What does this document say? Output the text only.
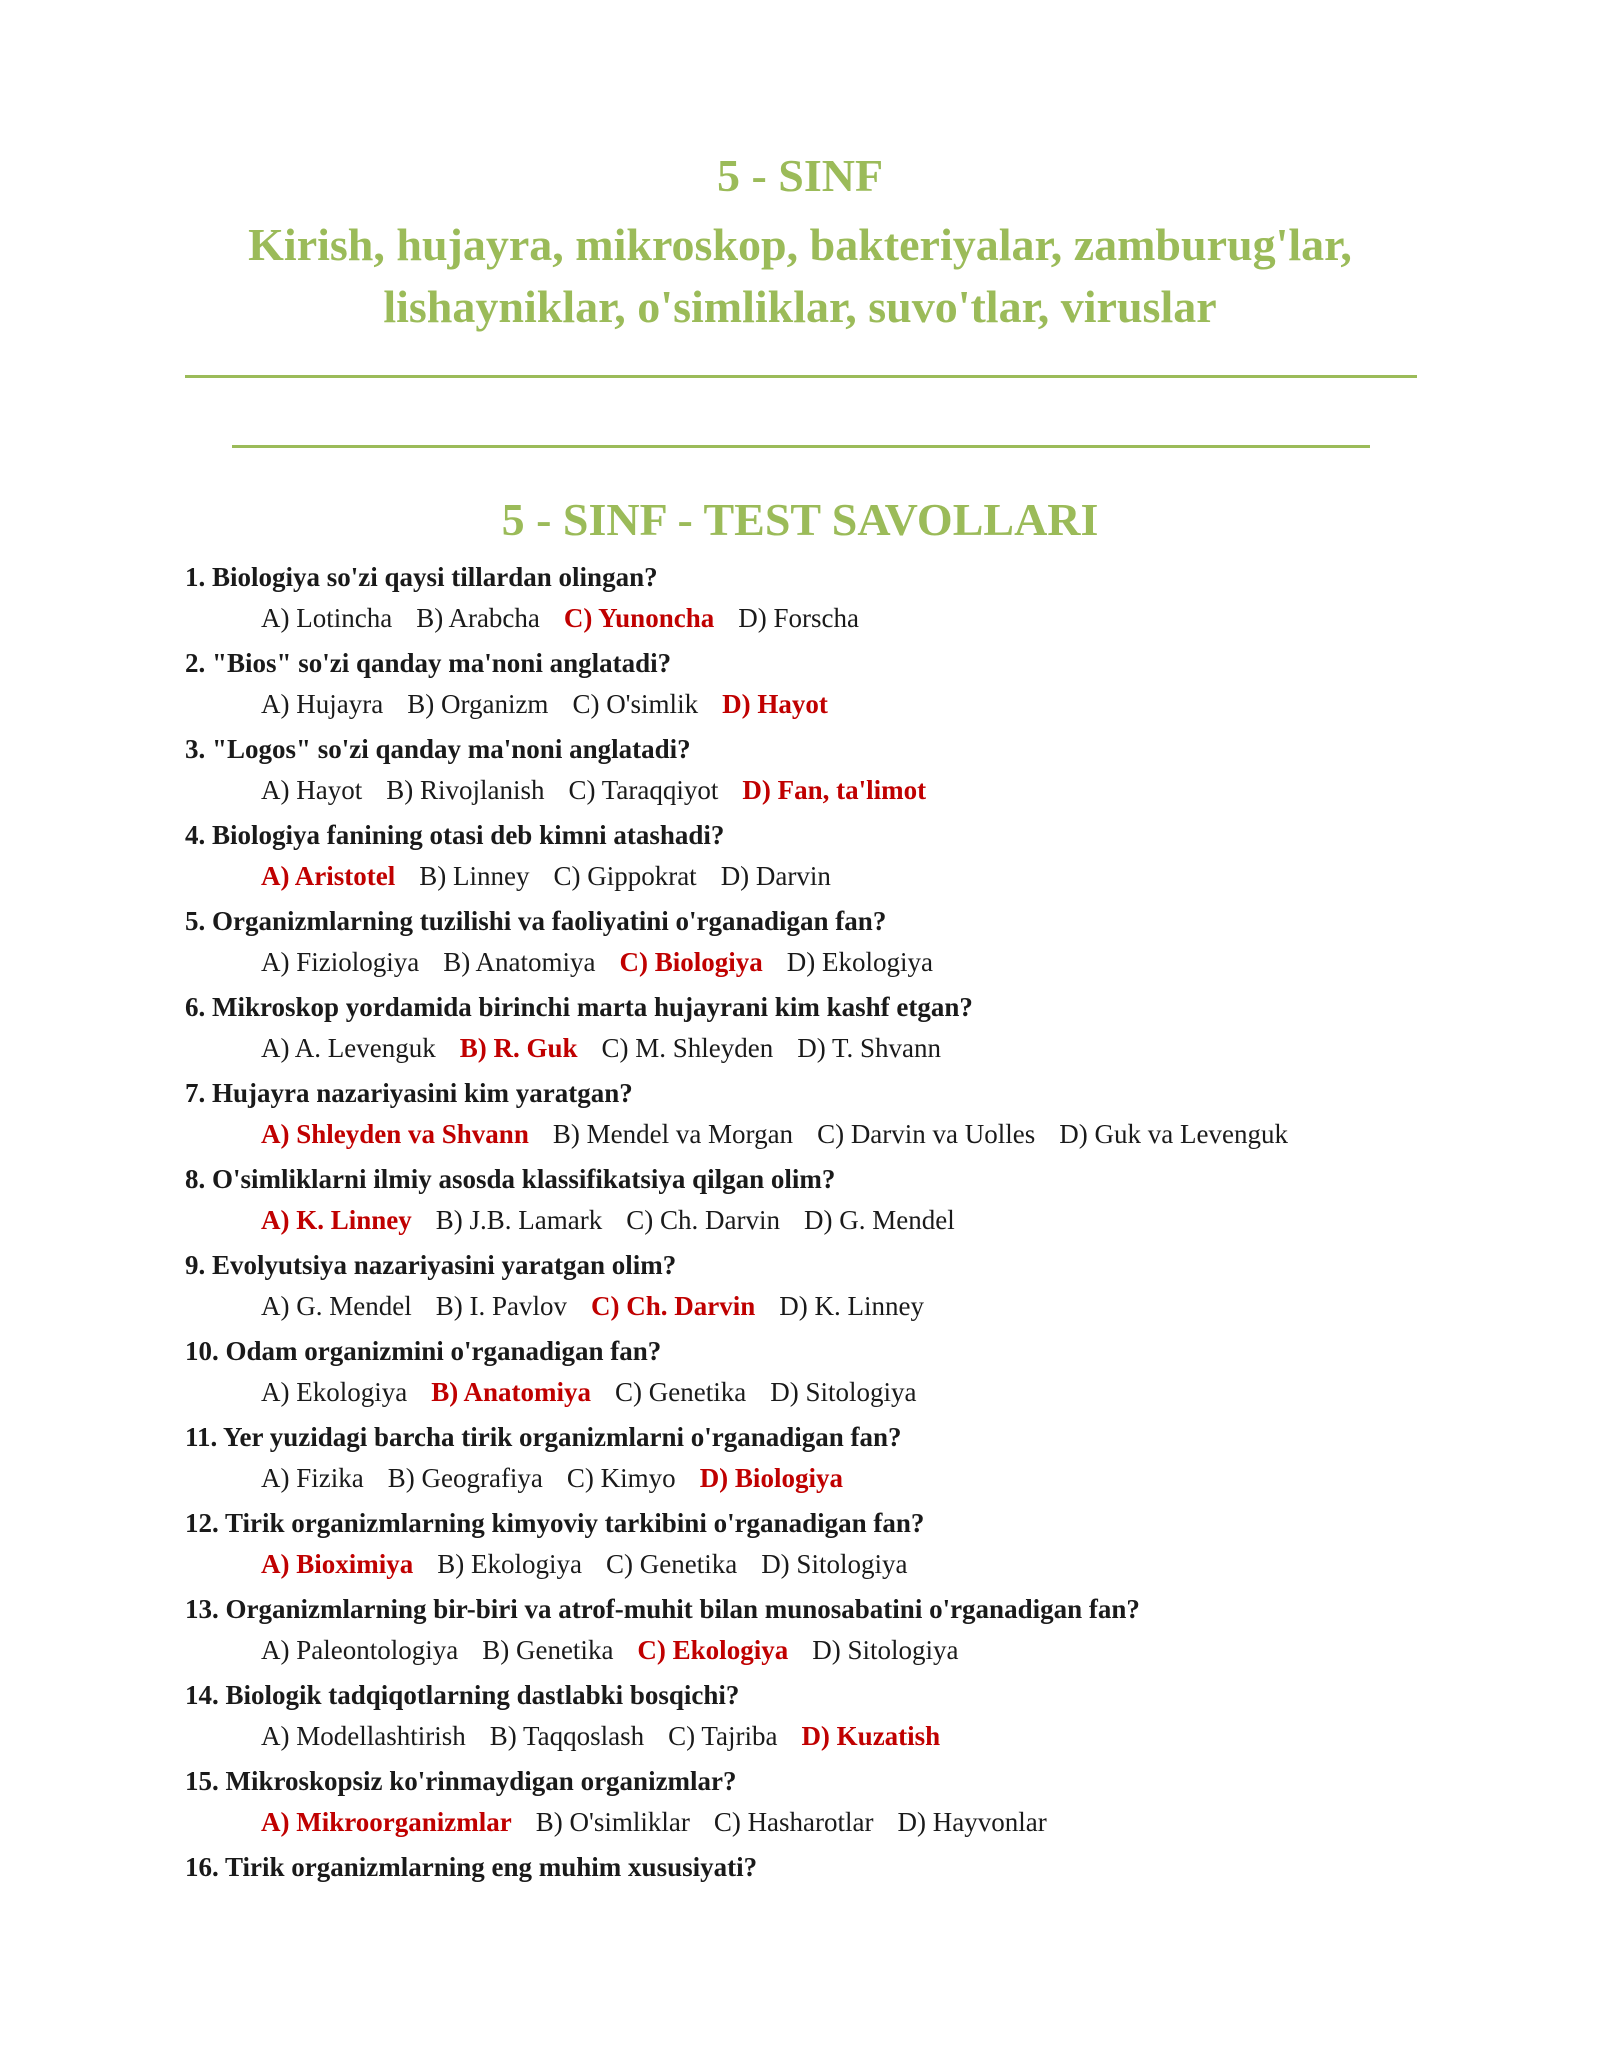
5 - SINF
Kirish, hujayra, mikroskop, bakteriyalar, zamburug'lar,
lishayniklar, o'simliklar, suvo'tlar, viruslar
5 - SINF - TEST SAVOLLARI
1. Biologiya so'zi qaysi tillardan olingan?
A) Lotincha B) Arabcha C) Yunoncha D) Forscha
2. "Bios" so'zi qanday ma'noni anglatadi?
A) Hujayra B) Organizm C) O'simlik D) Hayot
3. "Logos" so'zi qanday ma'noni anglatadi?
A) Hayot B) Rivojlanish C) Taraqqiyot D) Fan, ta'limot
4. Biologiya fanining otasi deb kimni atashadi?
A) Aristotel B) Linney C) Gippokrat D) Darvin
5. Organizmlarning tuzilishi va faoliyatini o'rganadigan fan?
A) Fiziologiya B) Anatomiya C) Biologiya D) Ekologiya
6. Mikroskop yordamida birinchi marta hujayrani kim kashf etgan?
A) A. Levenguk B) R. Guk C) M. Shleyden D) T. Shvann
7. Hujayra nazariyasini kim yaratgan?
A) Shleyden va Shvann B) Mendel va Morgan C) Darvin va Uolles D) Guk va Levenguk
8. O'simliklarni ilmiy asosda klassifikatsiya qilgan olim?
A) K. Linney B) J.B. Lamark C) Ch. Darvin D) G. Mendel
9. Evolyutsiya nazariyasini yaratgan olim?
A) G. Mendel B) I. Pavlov C) Ch. Darvin D) K. Linney
10. Odam organizmini o'rganadigan fan?
A) Ekologiya B) Anatomiya C) Genetika D) Sitologiya
11. Yer yuzidagi barcha tirik organizmlarni o'rganadigan fan?
A) Fizika B) Geografiya C) Kimyo D) Biologiya
12. Tirik organizmlarning kimyoviy tarkibini o'rganadigan fan?
A) Bioximiya B) Ekologiya C) Genetika D) Sitologiya
13. Organizmlarning bir-biri va atrof-muhit bilan munosabatini o'rganadigan fan?
A) Paleontologiya B) Genetika C) Ekologiya D) Sitologiya
14. Biologik tadqiqotlarning dastlabki bosqichi?
A) Modellashtirish B) Taqqoslash C) Tajriba D) Kuzatish
15. Mikroskopsiz ko'rinmaydigan organizmlar?
A) Mikroorganizmlar B) O'simliklar C) Hasharotlar D) Hayvonlar
16. Tirik organizmlarning eng muhim xususiyati?
